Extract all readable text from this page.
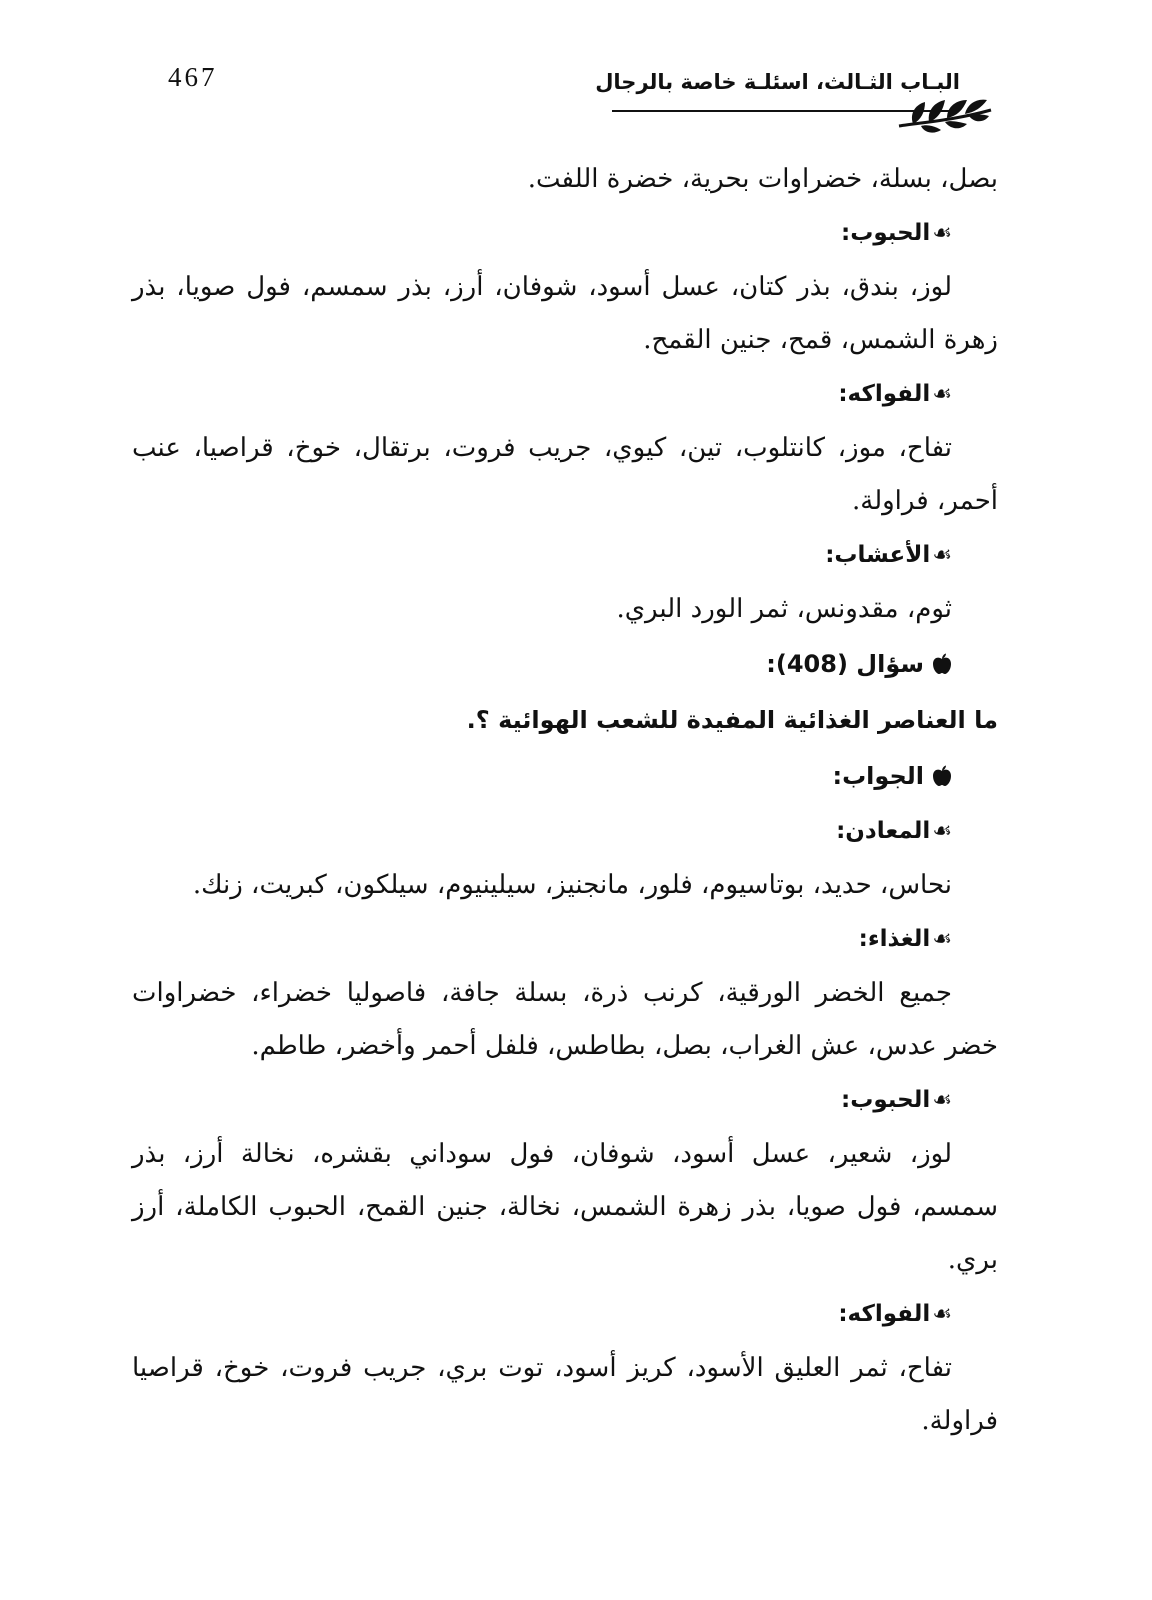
467	البـاب الثـالث، اسئلـة خاصة بالرجال

بصل، بسلة، خضراوات بحرية، خضرة اللفت.

☙الحبوب:

لوز، بندق، بذر كتان، عسل أسود، شوفان، أرز، بذر سمسم، فول صويا، بذر زهرة الشمس، قمح، جنين القمح.

☙الفواكه:

تفاح، موز، كانتلوب، تين، كيوي، جريب فروت، برتقال، خوخ، قراصيا، عنب أحمر، فراولة.

☙الأعشاب:

ثوم، مقدونس، ثمر الورد البري.

سؤال (408):

ما العناصر الغذائية المفيدة للشعب الهوائية ؟.

الجواب:

☙المعادن:

نحاس، حديد، بوتاسيوم، فلور، مانجنيز، سيلينيوم، سيلكون، كبريت، زنك.

☙الغذاء:

جميع الخضر الورقية، كرنب ذرة، بسلة جافة، فاصوليا خضراء، خضراوات خضر عدس، عش الغراب، بصل، بطاطس، فلفل أحمر وأخضر، طاطم.

☙الحبوب:

لوز، شعير، عسل أسود، شوفان، فول سوداني بقشره، نخالة أرز، بذر سمسم، فول صويا، بذر زهرة الشمس، نخالة، جنين القمح، الحبوب الكاملة، أرز بري.

☙الفواكه:

تفاح، ثمر العليق الأسود، كريز أسود، توت بري، جريب فروت، خوخ، قراصيا فراولة.
